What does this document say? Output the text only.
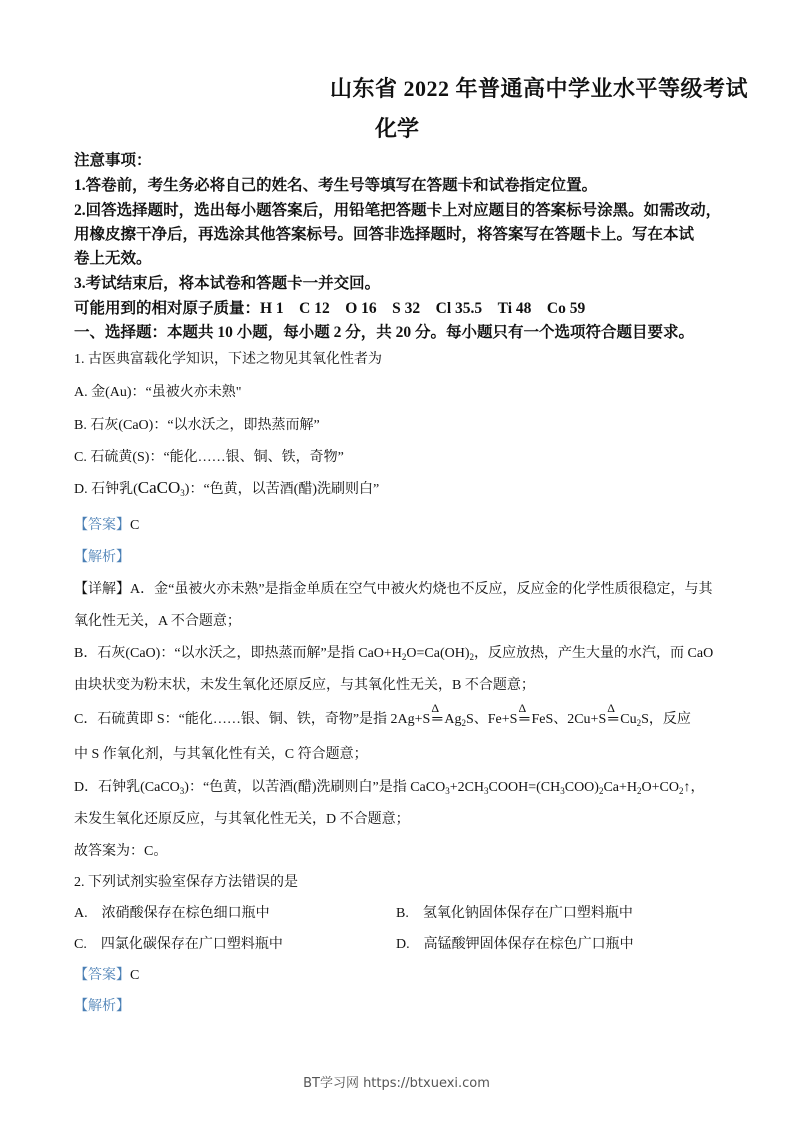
山东省 2022 年普通高中学业水平等级考试
化学
注意事项：
1.答卷前，考生务必将自己的姓名、考生号等填写在答题卡和试卷指定位置。
2.回答选择题时，选出每小题答案后，用铅笔把答题卡上对应题目的答案标号涂黑。如需改动，
用橡皮擦干净后，再选涂其他答案标号。回答非选择题时，将答案写在答题卡上。写在本试
卷上无效。
3.考试结束后，将本试卷和答题卡一并交回。
可能用到的相对原子质量：H 1　C 12　O 16　S 32　Cl 35.5　Ti 48　Co 59
一、选择题：本题共 10 小题，每小题 2 分，共 20 分。每小题只有一个选项符合题目要求。
1. 古医典富载化学知识，下述之物见其氧化性者为
A. 金(Au)：“虽被火亦未熟"
B. 石灰(CaO)：“以水沃之，即热蒸而解”
C. 石硫黄(S)：“能化……银、铜、铁，奇物”
D. 石钟乳(CaCO$_3$)：“色黄，以苦酒(醋)洗刷则白”
【答案】C
【解析】
【详解】A．金“虽被火亦未熟”是指金单质在空气中被火灼烧也不反应，反应金的化学性质很稳定，与其
氧化性无关，A 不合题意；
B．石灰(CaO)：“以水沃之，即热蒸而解”是指 $CaO+H_2O=Ca(OH)_2$，反应放热，产生大量的水汽，而 CaO
由块状变为粉末状，未发生氧化还原反应，与其氧化性无关，B 不合题意；
C．石硫黄即 S：“能化……银、铜、铁，奇物”是指 2Ag+S
Δ
═ $Ag_2S$、Fe+S
Δ
═ FeS、2Cu+S
Δ
═ $Cu_2S$，反应
中 S 作氧化剂，与其氧化性有关，C 符合题意；
D．石钟乳(CaCO$_3$)：“色黄，以苦酒(醋)洗刷则白”是指 $CaCO_3+2CH_3COOH=(CH_3COO)_2Ca+H_2O+CO_2↑$，
未发生氧化还原反应，与其氧化性无关，D 不合题意；
故答案为：C。
2. 下列试剂实验室保存方法错误的是
A.　浓硝酸保存在棕色细口瓶中	B.　氢氧化钠固体保存在广口塑料瓶中
C.　四氯化碳保存在广口塑料瓶中	D.　高锰酸钾固体保存在棕色广口瓶中
【答案】C
【解析】
BT学习网 https://btxuexi.com
